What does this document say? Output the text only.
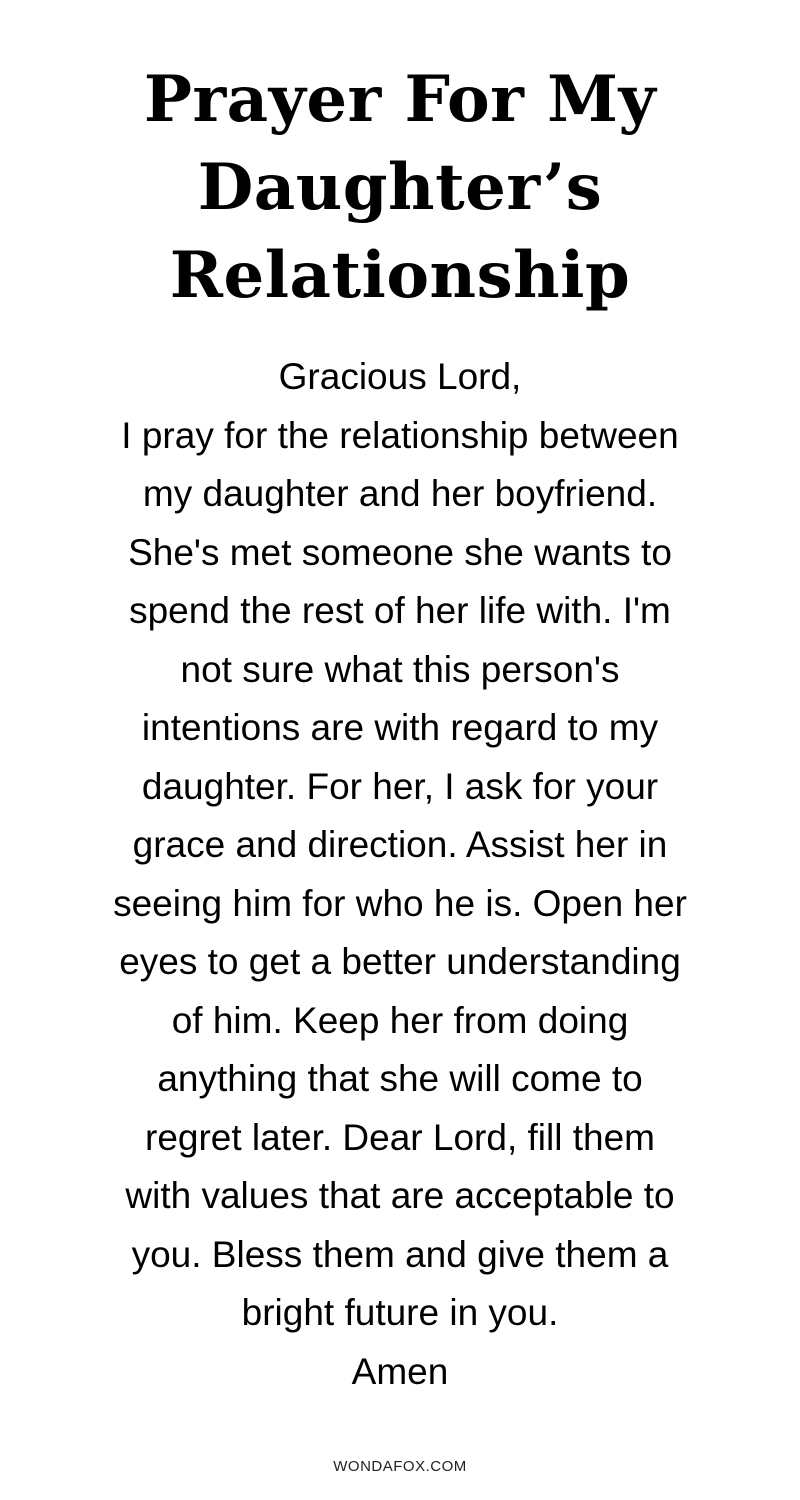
Prayer For My
Daughter’s
Relationship
Gracious Lord,
I pray for the relationship between
my daughter and her boyfriend.
She's met someone she wants to
spend the rest of her life with. I'm
not sure what this person's
intentions are with regard to my
daughter. For her, I ask for your
grace and direction. Assist her in
seeing him for who he is. Open her
eyes to get a better understanding
of him. Keep her from doing
anything that she will come to
regret later. Dear Lord, fill them
with values that are acceptable to
you. Bless them and give them a
bright future in you.
Amen
WONDAFOX.COM
